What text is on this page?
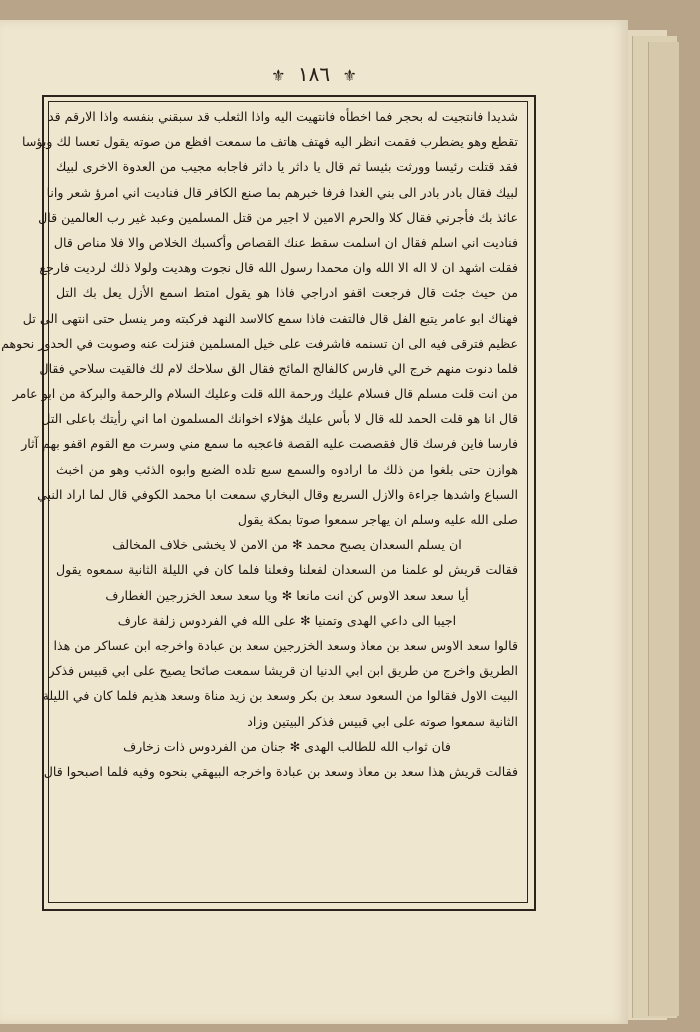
⚜ ١٨٦ ⚜
شديدا فانتجيت له بحجر فما اخطأه فانتهيت اليه واذا الثعلب قد سبقني بنفسه واذا الارقم قد
تقطع وهو يضطرب فقمت انظر اليه فهتف هاتف ما سمعت افظع من صوته يقول تعسا لك وبؤسا
فقد قتلت رئيسا وورثت بئيسا ثم قال يا داثر يا داثر فاجابه مجيب من العدوة الاخرى لبيك
لبيك فقال بادر بادر الى بني الغدا فرفا خبرهم بما صنع الكافر قال فناديت اني امرؤ شعر وانا
عائذ بك فأجرني فقال كلا والحرم الامين لا اجير من قتل المسلمين وعبد غير رب العالمين قال
فناديت اني اسلم فقال ان اسلمت سقط عنك القصاص وأكسبك الخلاص والا فلا مناص قال
فقلت اشهد ان لا اله الا الله وان محمدا رسول الله قال نجوت وهديت ولولا ذلك لرديت فارجع
من حيث جئت قال فرجعت اقفو ادراجي فاذا هو يقول امتط اسمع الأزل يعل بك التل
فهناك ابو عامر يتبع الفل قال فالتفت فاذا سمع كالاسد النهد فركبته ومر ينسل حتى انتهى الى تل
عظيم فترقى فيه الى ان تسنمه فاشرفت على خيل المسلمين فنزلت عنه وصوبت في الحدور نحوهم
فلما دنوت منهم خرج الي فارس كالفالج المائج فقال الق سلاحك لام لك فالقيت سلاحي فقال
من انت قلت مسلم قال فسلام عليك ورحمة الله قلت وعليك السلام والرحمة والبركة من ابو عامر
قال انا هو قلت الحمد لله قال لا بأس عليك هؤلاء اخوانك المسلمون اما اني رأيتك باعلى التل
فارسا فاين فرسك قال فقصصت عليه القصة فاعجبه ما سمع مني وسرت مع القوم اقفو بهم آثار
هوازن حتى بلغوا من ذلك ما ارادوه والسمع سبع تلده الضبع وابوه الذئب وهو من اخبث
السباع واشدها جراءة والازل السريع وقال البخاري سمعت ابا محمد الكوفي قال لما اراد النبي
صلى الله عليه وسلم ان يهاجر سمعوا صوتا بمكة يقول
ان يسلم السعدان يصبح محمد ✻ من الامن لا يخشى خلاف المخالف
فقالت قريش لو علمنا من السعدان لفعلنا وفعلنا فلما كان في الليلة الثانية سمعوه يقول
أيا سعد سعد الاوس كن انت مانعا ✻ ويا سعد سعد الخزرجين الغطارف
اجيبا الى داعي الهدى وتمنيا ✻ على الله في الفردوس زلفة عارف
قالوا سعد الاوس سعد بن معاذ وسعد الخزرجين سعد بن عبادة واخرجه ابن عساكر من هذا
الطريق واخرج من طريق ابن ابي الدنيا ان قريشا سمعت صائحا يصيح على ابي قبيس فذكر
البيت الاول فقالوا من السعود سعد بن بكر وسعد بن زيد مناة وسعد هذيم فلما كان في الليلة
الثانية سمعوا صوته على ابي قبيس فذكر البيتين وزاد
فان ثواب الله للطالب الهدى ✻ جنان من الفردوس ذات زخارف
فقالت قريش هذا سعد بن معاذ وسعد بن عبادة واخرجه البيهقي بنحوه وفيه فلما اصبحوا قال
